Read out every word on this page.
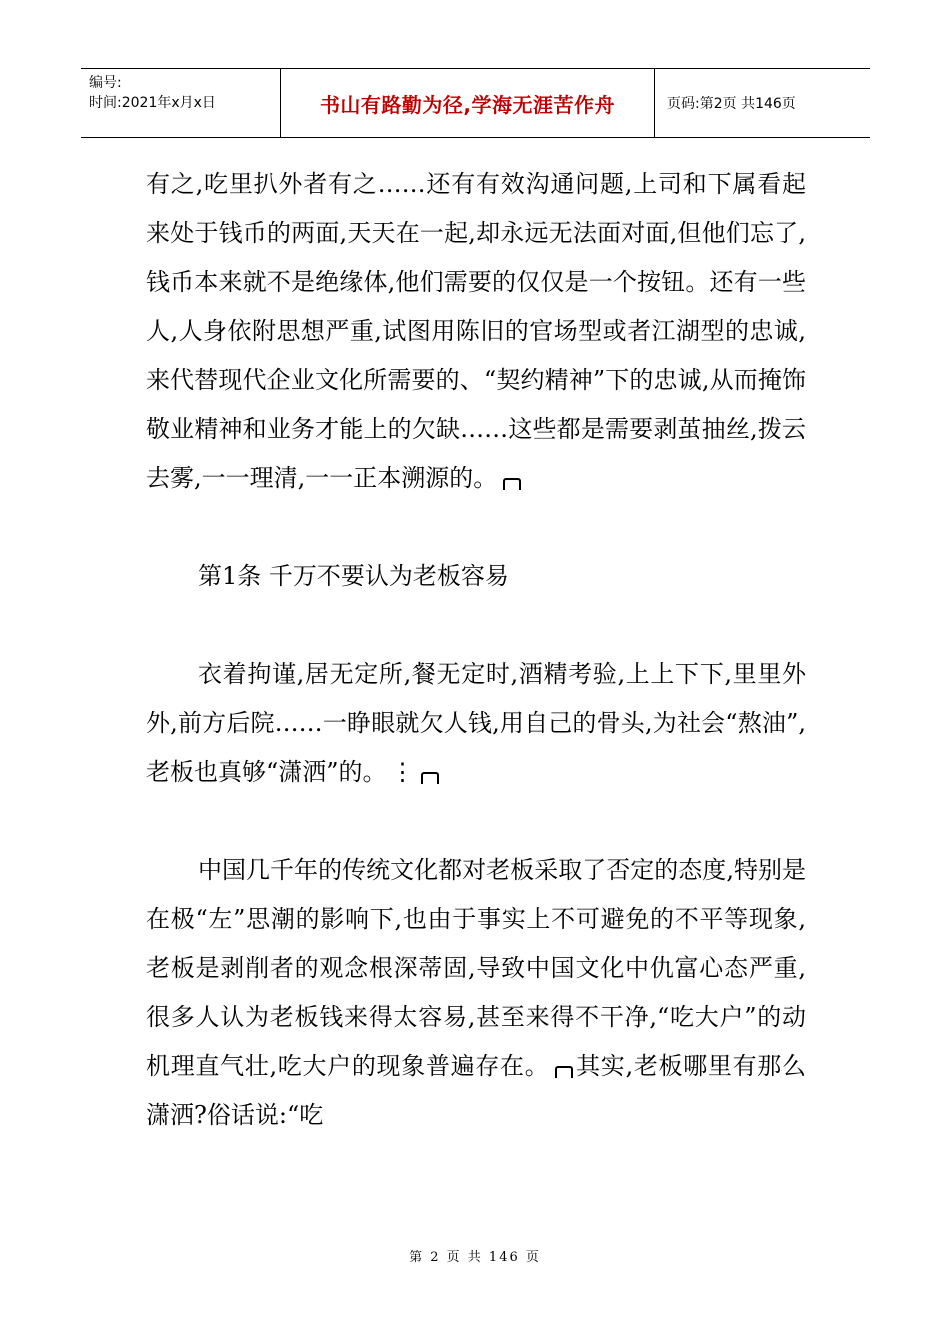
编号:
时间:2021年x月x日	书山有路勤为径,学海无涯苦作舟	页码:第2页 共146页

有之,吃里扒外者有之……还有有效沟通问题,上司和下属看起来处于钱币的两面,天天在一起,却永远无法面对面,但他们忘了,钱币本来就不是绝缘体,他们需要的仅仅是一个按钮。还有一些人,人身依附思想严重,试图用陈旧的官场型或者江湖型的忠诚,来代替现代企业文化所需要的、“契约精神”下的忠诚,从而掩饰敬业精神和业务才能上的欠缺……这些都是需要剥茧抽丝,拨云去雾,一一理清,一一正本溯源的。

第1条 千万不要认为老板容易

衣着拘谨,居无定所,餐无定时,酒精考验,上上下下,里里外外,前方后院……一睁眼就欠人钱,用自己的骨头,为社会“熬油”,老板也真够“潇洒”的。 ⋮

中国几千年的传统文化都对老板采取了否定的态度,特别是在极“左”思潮的影响下,也由于事实上不可避免的不平等现象,老板是剥削者的观念根深蒂固,导致中国文化中仇富心态严重,很多人认为老板钱来得太容易,甚至来得不干净,“吃大户”的动机理直气壮,吃大户的现象普遍存在。 其实,老板哪里有那么潇洒?俗话说:“吃

第 2 页 共 146 页
